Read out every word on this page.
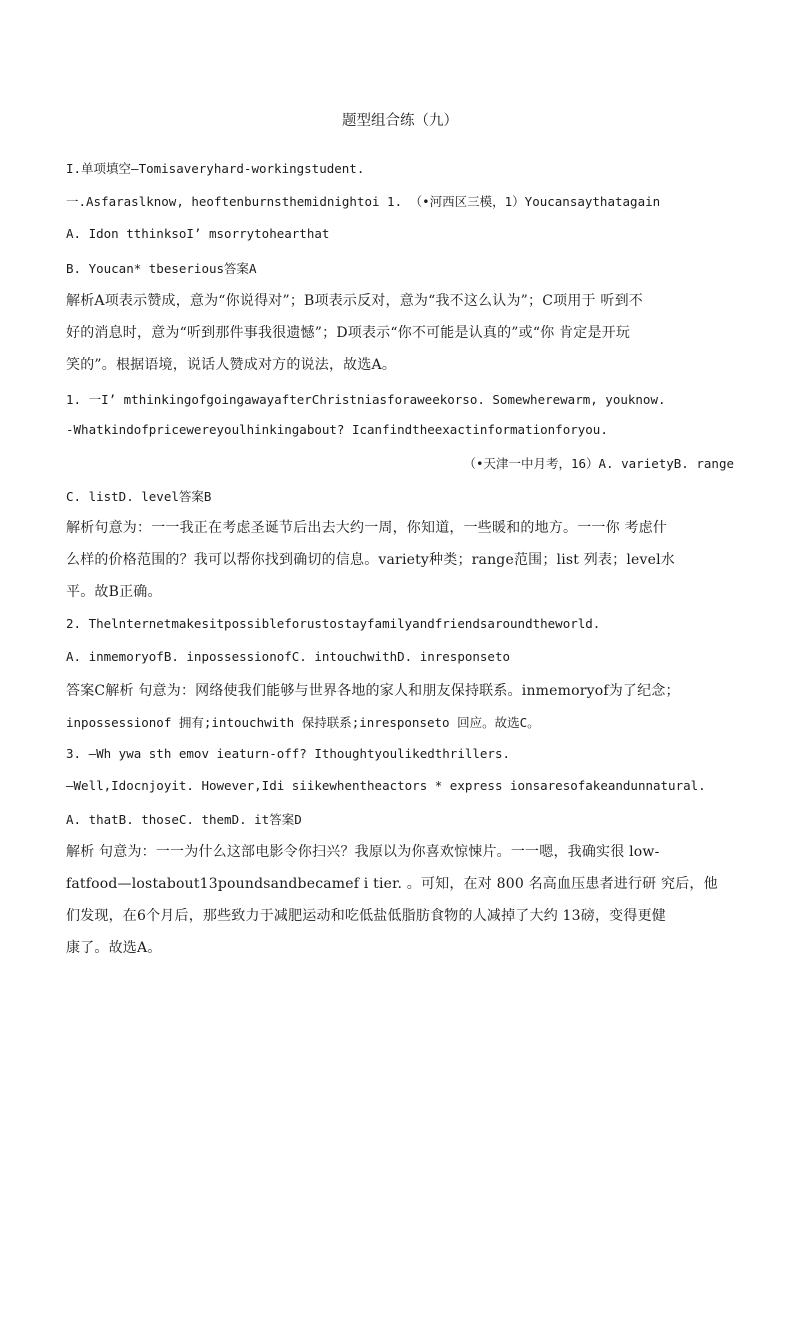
题型组合练（九）
I.单项填空—Tomisaveryhard-workingstudent.
一.Asfaraslknow, heoftenburnsthemidnightoi 1. （•河西区三模，1）Youcansaythatagain
A. Idon tthinksoI’ msorrytohearthat
B. Youcan* tbeserious答案A
解析A项表示赞成，意为“你说得对”；B项表示反对，意为“我不这么认为”；C项用于 听到不
好的消息时，意为“听到那件事我很遗憾”；D项表示“你不可能是认真的”或“你 肯定是开玩
笑的”。根据语境，说话人赞成对方的说法，故选A。
1. 一I’ mthinkingofgoingawayafterChristniasforaweekorso. Somewherewarm, youknow.
-Whatkindofpricewereyoulhinkingabout? Icanfindtheexactinformationforyou.
（•天津一中月考，16）A. varietyB. range
C. listD. level答案B
解析句意为：一一我正在考虑圣诞节后出去大约一周，你知道，一些暖和的地方。一一你 考虑什
么样的价格范围的？我可以帮你找到确切的信息。variety种类；range范围；list 列表；level水
平。故B正确。
2. Thelnternetmakesitpossibleforustostayfamilyandfriendsaroundtheworld.
A. inmemoryofB. inpossessionofC. intouchwithD. inresponseto
答案C解析 句意为：网络使我们能够与世界各地的家人和朋友保持联系。inmemoryof为了纪念；
inpossessionof 拥有;intouchwith 保持联系;inresponseto 回应。故选C。
3. —Wh ywa sth emov ieaturn-off? Ithoughtyoulikedthrillers.
—Well,Idocnjoyit. However,Idi siikewhentheactors * express ionsaresofakeandunnatural.
A. thatB. thoseC. themD. it答案D
解析 句意为：一一为什么这部电影令你扫兴？我原以为你喜欢惊悚片。一一嗯，我确实很 low-
fatfood—lostabout13poundsandbecamef i tier. 。可知，在对 800 名高血压患者进行研 究后，他
们发现，在6个月后，那些致力于减肥运动和吃低盐低脂肪食物的人减掉了大约 13磅，变得更健
康了。故选A。
